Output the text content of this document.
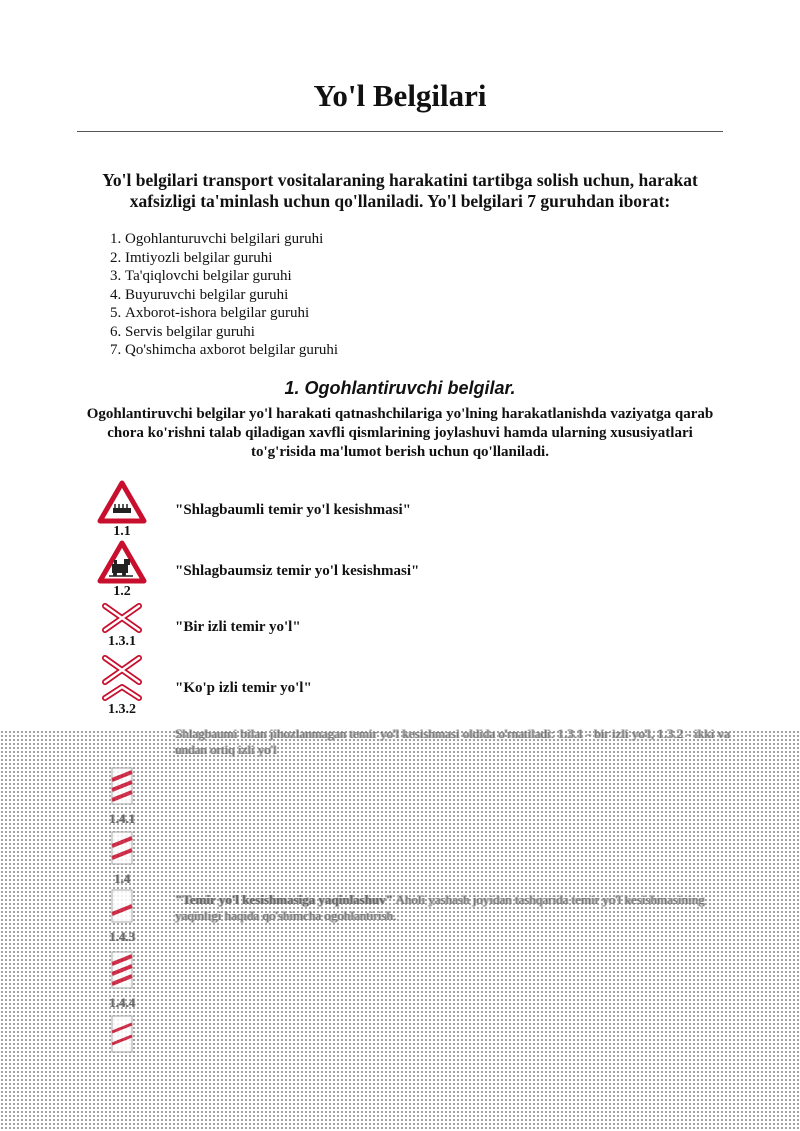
Yo'l Belgilari

Yo'l belgilari transport vositalaraning harakatini tartibga solish uchun, harakat xafsizligi ta'minlash uchun qo'llaniladi. Yo'l belgilari 7 guruhdan iborat:

1. Ogohlanturuvchi belgilari guruhi
2. Imtiyozli belgilar guruhi
3. Ta'qiqlovchi belgilar guruhi
4. Buyuruvchi belgilar guruhi
5. Axborot-ishora belgilar guruhi
6. Servis belgilar guruhi
7. Qo'shimcha axborot belgilar guruhi
1. Ogohlantiruvchi belgilar.

Ogohlantiruvchi belgilar yo'l harakati qatnashchilariga yo'lning harakatlanishda vaziyatga qarab chora ko'rishni talab qiladigan xavfli qismlarining joylashuvi hamda ularning xususiyatlari to'g'risida ma'lumot berish uchun qo'llaniladi.

1.1
"Shlagbaumli temir yo'l kesishmasi"
1.2
"Shlagbaumsiz temir yo'l kesishmasi"
1.3.1
"Bir izli temir yo'l"
1.3.2
"Ko'p izli temir yo'l"
Shlagbaumi bilan jihozlanmagan temir yo'l kesishmasi oldida o'rnatiladi: 1.3.1 - bir izli yo'l, 1.3.2 - ikki va undan ortiq izli yo'l
1.4.1
1.4
"Temir yo'l kesishmasiga yaqinlashuv" Aholi yashash joyidan tashqarida temir yo'l kesishmasining yaqinligi haqida qo'shimcha ogohlantirish.
1.4.3
1.4.4
